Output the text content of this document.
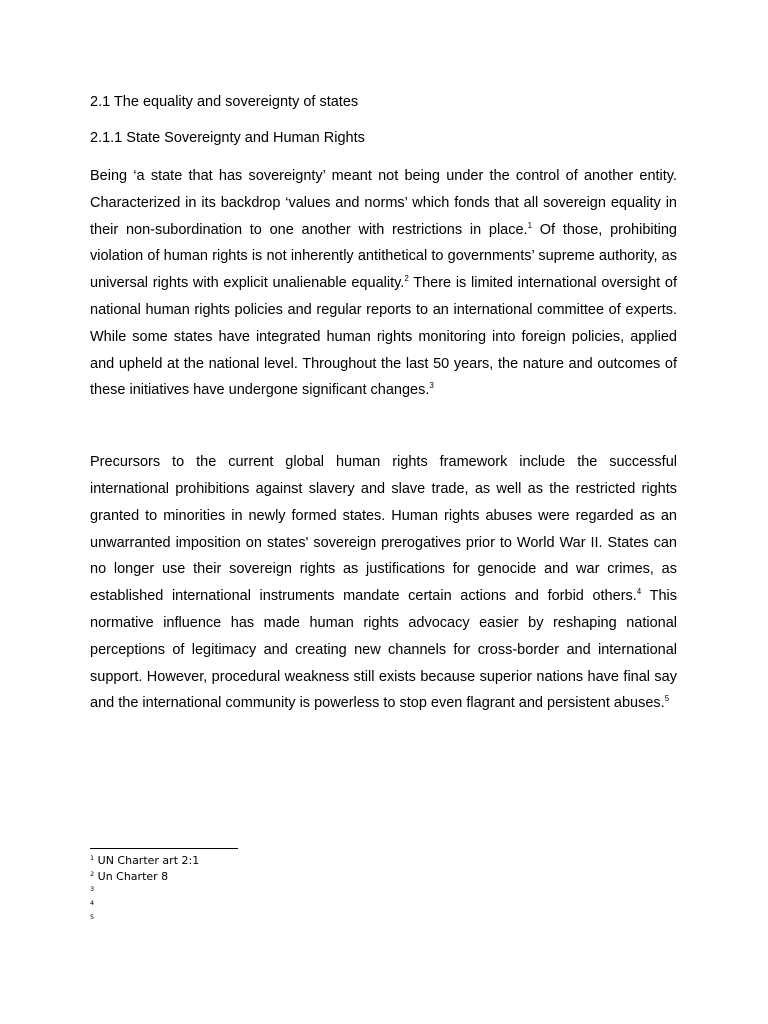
2.1 The equality and sovereignty of states
2.1.1 State Sovereignty and Human Rights

Being ‘a state that has sovereignty’ meant not being under the control of another entity. Characterized in its backdrop ‘values and norms’ which fonds that all sovereign equality in their non-subordination to one another with restrictions in place.$^1$ Of those, prohibiting violation of human rights is not inherently antithetical to governments’ supreme authority, as universal rights with explicit unalienable equality.$^2$ There is limited international oversight of national human rights policies and regular reports to an international committee of experts. While some states have integrated human rights monitoring into foreign policies, applied and upheld at the national level. Throughout the last 50 years, the nature and outcomes of these initiatives have undergone significant changes.$^3$

Precursors to the current global human rights framework include the successful international prohibitions against slavery and slave trade, as well as the restricted rights granted to minorities in newly formed states. Human rights abuses were regarded as an unwarranted imposition on states' sovereign prerogatives prior to World War II. States can no longer use their sovereign rights as justifications for genocide and war crimes, as established international instruments mandate certain actions and forbid others.$^4$ This normative influence has made human rights advocacy easier by reshaping national perceptions of legitimacy and creating new channels for cross-border and international support. However, procedural weakness still exists because superior nations have final say and the international community is powerless to stop even flagrant and persistent abuses.$^5$

$^1$ UN Charter art 2:1
$^2$ Un Charter 8
$^3$
$^4$
$^5$
